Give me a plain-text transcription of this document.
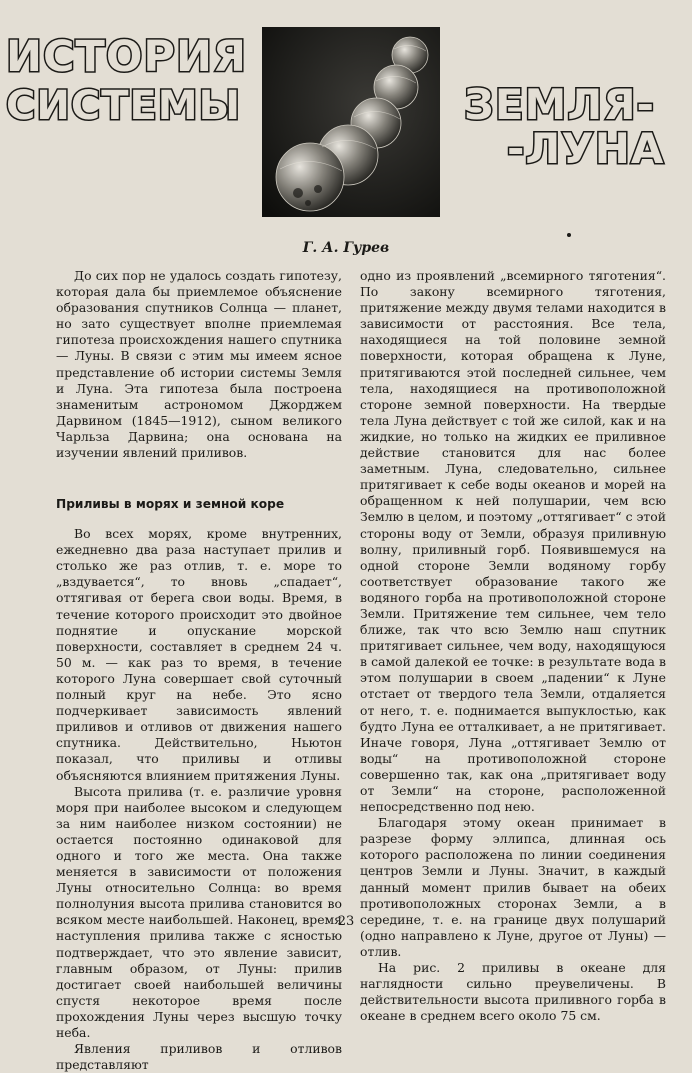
ИСТОРИЯ
СИСТЕМЫ	ЗЕМЛЯ-
-ЛУНА

Г. А. Гурев

До сих пор не удалось создать гипотезу, которая дала бы приемлемое объяснение образования спутников Солнца — планет, но зато существует вполне приемлемая гипотеза происхождения нашего спутника — Луны. В связи с этим мы имеем ясное представление об истории системы Земля и Луна. Эта гипотеза была построена знаменитым астрономом Джорджем Дарвином (1845—1912), сыном великого Чарльза Дарвина; она основана на изучении явлений приливов.

Приливы в морях и земной коре

Во всех морях, кроме внутренних, ежедневно два раза наступает прилив и столько же раз отлив, т. е. море то „вздувается“, то вновь „спадает“, оттягивая от берега свои воды. Время, в течение которого происходит это двойное поднятие и опускание морской поверхности, составляет в среднем 24 ч. 50 м. — как раз то время, в течение которого Луна совершает свой суточный полный круг на небе. Это ясно подчеркивает зависимость явлений приливов и отливов от движения нашего спутника. Действительно, Ньютон показал, что приливы и отливы объясняются влиянием притяжения Луны.

Высота прилива (т. е. различие уровня моря при наиболее высоком и следующем за ним наиболее низком состоянии) не остается постоянно одинаковой для одного и того же места. Она также меняется в зависимости от положения Луны относительно Солнца: во время полнолуния высота прилива становится во всяком месте наибольшей. Наконец, время наступления прилива также с ясностью подтверждает, что это явление зависит, главным образом, от Луны: прилив достигает своей наибольшей величины спустя некоторое время после прохождения Луны через высшую точку неба.

Явления приливов и отливов представляют

одно из проявлений „всемирного тяготения“. По закону всемирного тяготения, притяжение между двумя телами находится в зависимости от расстояния. Все тела, находящиеся на той половине земной поверхности, которая обращена к Луне, притягиваются этой последней сильнее, чем тела, находящиеся на противоположной стороне земной поверхности. На твердые тела Луна действует с той же силой, как и на жидкие, но только на жидких ее приливное действие становится для нас более заметным. Луна, следовательно, сильнее притягивает к себе воды океанов и морей на обращенном к ней полушарии, чем всю Землю в целом, и поэтому „оттягивает“ с этой стороны воду от Земли, образуя приливную волну, приливный горб. Появившемуся на одной стороне Земли водяному горбу соответствует образование такого же водяного горба на противоположной стороне Земли. Притяжение тем сильнее, чем тело ближе, так что всю Землю наш спутник притягивает сильнее, чем воду, находящуюся в самой далекой ее точке: в результате вода в этом полушарии в своем „падении“ к Луне отстает от твердого тела Земли, отдаляется от него, т. е. поднимается выпуклостью, как будто Луна ее отталкивает, а не притягивает. Иначе говоря, Луна „оттягивает Землю от воды“ на противоположной стороне совершенно так, как она „притягивает воду от Земли“ на стороне, расположенной непосредственно под нею.

Благодаря этому океан принимает в разрезе форму эллипса, длинная ось которого расположена по линии соединения центров Земли и Луны. Значит, в каждый данный момент прилив бывает на обеих противоположных сторонах Земли, а в середине, т. е. на границе двух полушарий (одно направлено к Луне, другое от Луны) — отлив.

На рис. 2 приливы в океане для наглядности сильно преувеличены. В действительности высота приливного горба в океане в среднем всего около 75 см.

23
